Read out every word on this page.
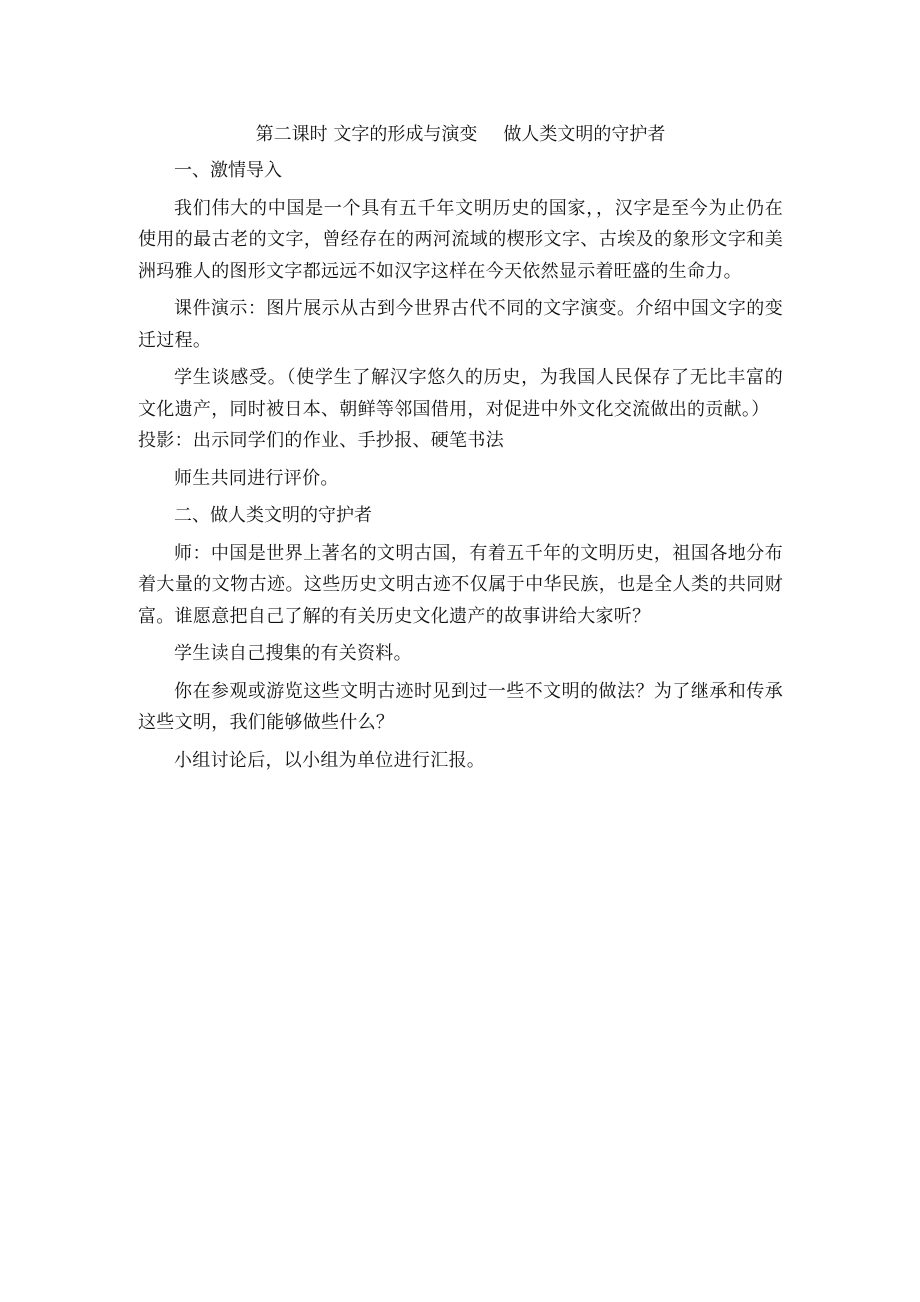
第二课时 文字的形成与演变 做人类文明的守护者

一、激情导入

我们伟大的中国是一个具有五千年文明历史的国家，，汉字是至今为止仍在使用的最古老的文字，曾经存在的两河流域的楔形文字、古埃及的象形文字和美洲玛雅人的图形文字都远远不如汉字这样在今天依然显示着旺盛的生命力。

课件演示：图片展示从古到今世界古代不同的文字演变。介绍中国文字的变迁过程。

学生谈感受。（使学生了解汉字悠久的历史，为我国人民保存了无比丰富的文化遗产，同时被日本、朝鲜等邻国借用，对促进中外文化交流做出的贡献。）

投影：出示同学们的作业、手抄报、硬笔书法

师生共同进行评价。

二、做人类文明的守护者

师：中国是世界上著名的文明古国，有着五千年的文明历史，祖国各地分布着大量的文物古迹。这些历史文明古迹不仅属于中华民族，也是全人类的共同财富。谁愿意把自己了解的有关历史文化遗产的故事讲给大家听？

学生读自己搜集的有关资料。

你在参观或游览这些文明古迹时见到过一些不文明的做法？为了继承和传承这些文明，我们能够做些什么？

小组讨论后，以小组为单位进行汇报。
